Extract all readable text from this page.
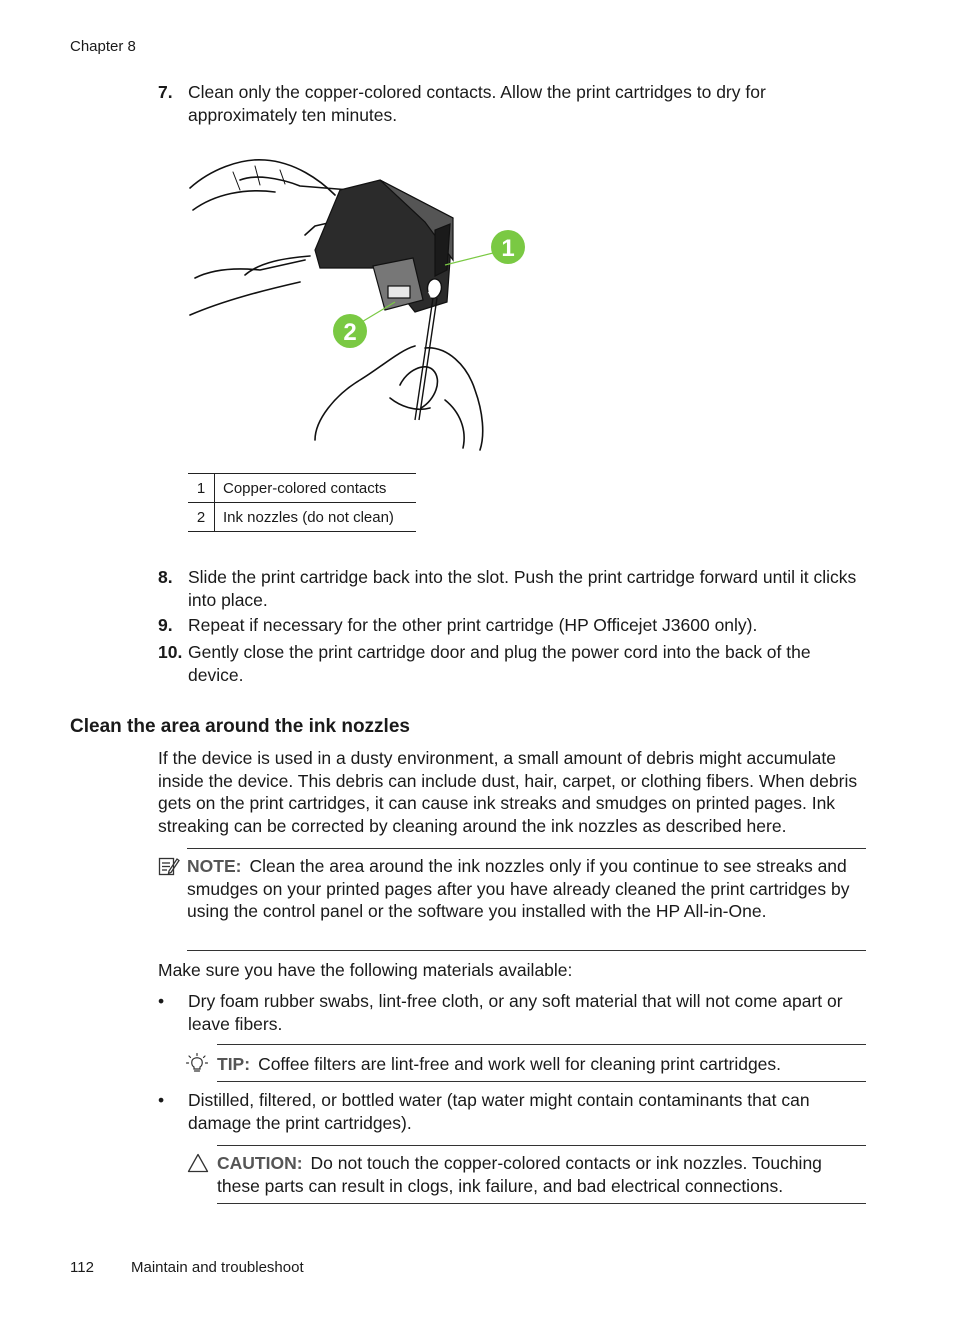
Chapter 8
7. Clean only the copper-colored contacts. Allow the print cartridges to dry for approximately ten minutes.
1
2
1	Copper-colored contacts
2	Ink nozzles (do not clean)
8. Slide the print cartridge back into the slot. Push the print cartridge forward until it clicks into place.
9. Repeat if necessary for the other print cartridge (HP Officejet J3600 only).
10. Gently close the print cartridge door and plug the power cord into the back of the device.
Clean the area around the ink nozzles
If the device is used in a dusty environment, a small amount of debris might accumulate inside the device. This debris can include dust, hair, carpet, or clothing fibers. When debris gets on the print cartridges, it can cause ink streaks and smudges on printed pages. Ink streaking can be corrected by cleaning around the ink nozzles as described here.
NOTE: Clean the area around the ink nozzles only if you continue to see streaks and smudges on your printed pages after you have already cleaned the print cartridges by using the control panel or the software you installed with the HP All-in-One.
Make sure you have the following materials available:
• Dry foam rubber swabs, lint-free cloth, or any soft material that will not come apart or leave fibers.
TIP: Coffee filters are lint-free and work well for cleaning print cartridges.
• Distilled, filtered, or bottled water (tap water might contain contaminants that can damage the print cartridges).
CAUTION: Do not touch the copper-colored contacts or ink nozzles. Touching these parts can result in clogs, ink failure, and bad electrical connections.
112 Maintain and troubleshoot
